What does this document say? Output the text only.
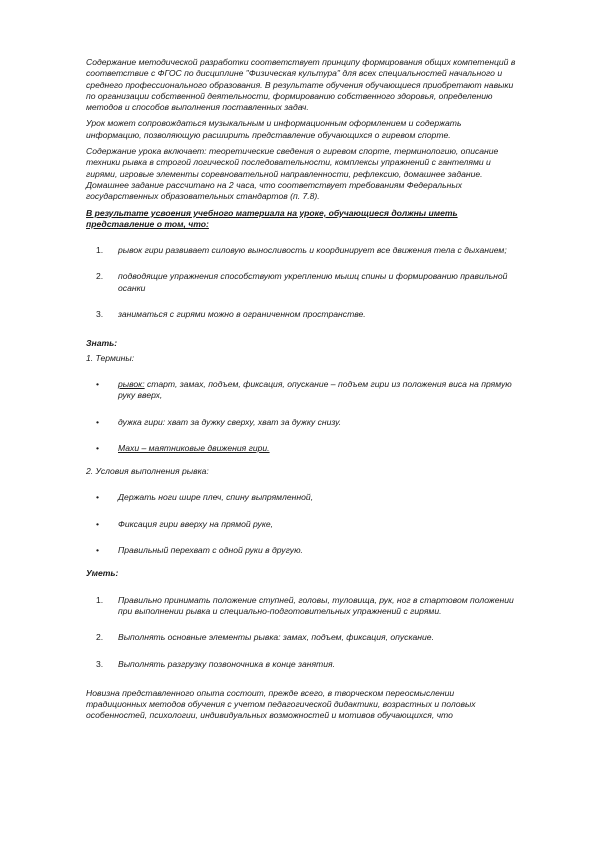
Содержание методической разработки соответствует принципу формирования общих компетенций в соответствие с ФГОС по дисциплине "Физическая культура" для всех специальностей начального и среднего профессионального образования. В результате обучения обучающиеся приобретают навыки по организации собственной деятельности, формированию собственного здоровья, определению методов и способов выполнения поставленных задач.

Урок может сопровождаться музыкальным и информационным оформлением и содержать информацию, позволяющую расширить представление обучающихся о гиревом спорте.

Содержание урока включает: теоретические сведения о гиревом спорте, терминологию, описание техники рывка в строгой логической последовательности, комплексы упражнений с гантелями и гирями, игровые элементы соревновательной направленности, рефлексию, домашнее задание. Домашнее задание рассчитано на 2 часа, что соответствует требованиям Федеральных государственных образовательных стандартов (п. 7.8).

В результате усвоения учебного материала на уроке, обучающиеся должны иметь представление о том, что:

1. рывок гири развивает силовую выносливость и координирует все движения тела с дыханием;
2. подводящие упражнения способствуют укреплению мышц спины и формированию правильной осанки
3. заниматься с гирями можно в ограниченном пространстве.

Знать:

1. Термины:

• рывок: старт, замах, подъем, фиксация, опускание – подъем гири из положения виса на прямую руку вверх,
• дужка гири: хват за дужку сверху, хват за дужку снизу.
• Махи – маятниковые движения гири.

2. Условия выполнения рывка:

• Держать ноги шире плеч, спину выпрямленной,
• Фиксация гири вверху на прямой руке,
• Правильный перехват с одной руки в другую.

Уметь:

1. Правильно принимать положение ступней, головы, туловища, рук, ног в стартовом положении при выполнении рывка и специально-подготовительных упражнений с гирями.
2. Выполнять основные элементы рывка: замах, подъем, фиксация, опускание.
3. Выполнять разгрузку позвоночника в конце занятия.

Новизна представленного опыта состоит, прежде всего, в творческом переосмыслении традиционных методов обучения с учетом педагогической дидактики, возрастных и половых особенностей, психологии, индивидуальных возможностей и мотивов обучающихся, что
